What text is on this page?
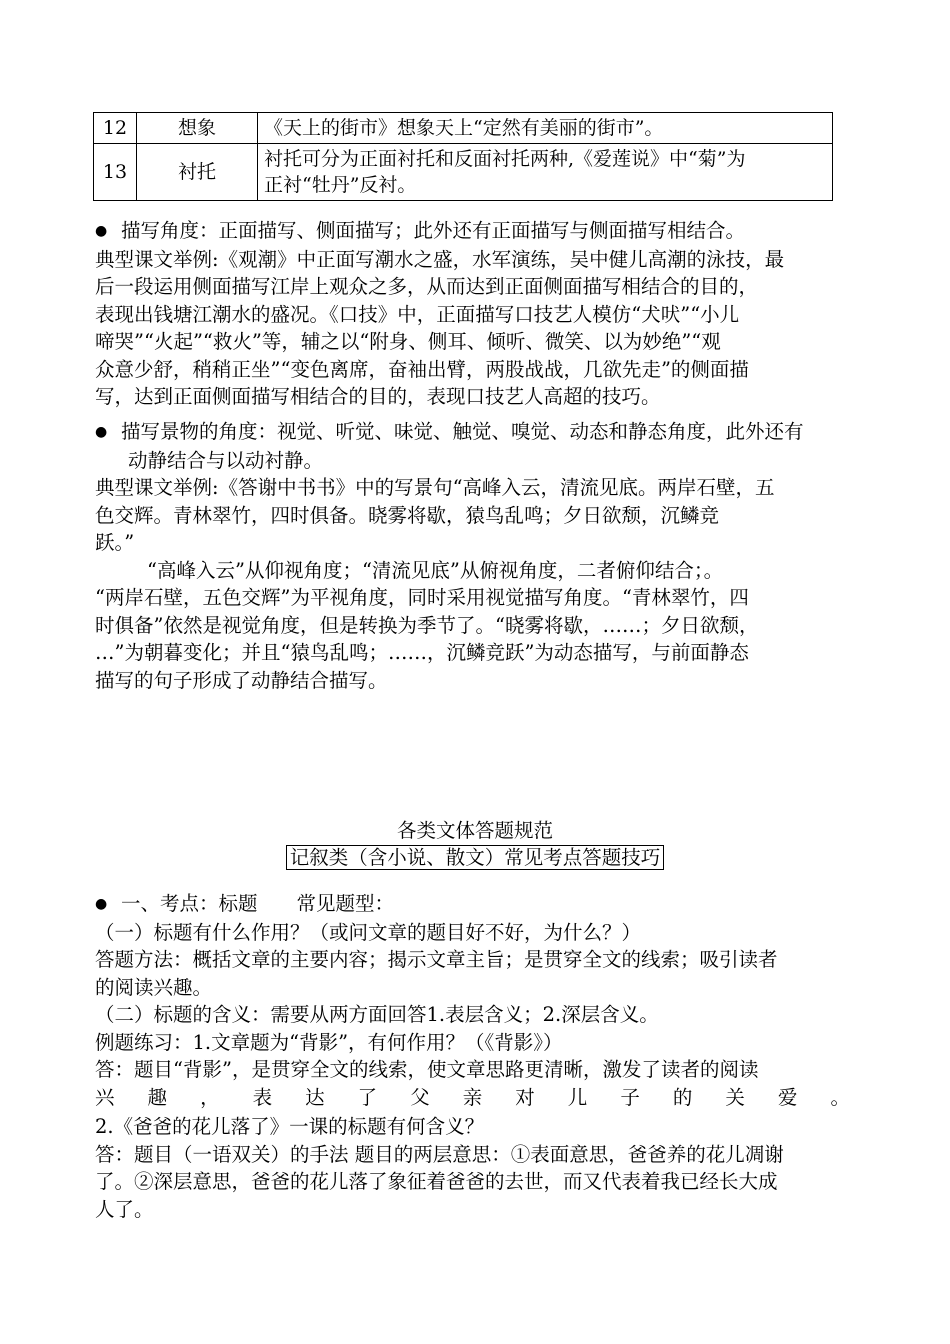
12	想象	《天上的街市》想象天上“定然有美丽的街市”。
13	衬托	衬托可分为正面衬托和反面衬托两种,《爱莲说》中“菊”为
正衬“牡丹”反衬。
● 描写角度：正面描写、侧面描写；此外还有正面描写与侧面描写相结合。
典型课文举例:《观潮》中正面写潮水之盛，水军演练，吴中健儿高潮的泳技，最
后一段运用侧面描写江岸上观众之多，从而达到正面侧面描写相结合的目的，
表现出钱塘江潮水的盛况。《口技》中，正面描写口技艺人模仿“犬吠”“小儿
啼哭”“火起”“救火”等，辅之以“附身、侧耳、倾听、微笑、以为妙绝”“观
众意少舒，稍稍正坐”“变色离席，奋袖出臂，两股战战，几欲先走”的侧面描
写，达到正面侧面描写相结合的目的，表现口技艺人高超的技巧。
● 描写景物的角度：视觉、听觉、味觉、触觉、嗅觉、动态和静态角度，此外还有
动静结合与以动衬静。
典型课文举例:《答谢中书书》中的写景句“高峰入云，清流见底。两岸石壁，五
色交辉。青林翠竹，四时俱备。晓雾将歇，猿鸟乱鸣；夕日欲颓，沉鳞竞
跃。”
“高峰入云”从仰视角度；“清流见底”从俯视角度，二者俯仰结合；。
“两岸石壁，五色交辉”为平视角度，同时采用视觉描写角度。“青林翠竹，四
时俱备”依然是视觉角度，但是转换为季节了。“晓雾将歇，……；夕日欲颓，
…”为朝暮变化；并且“猿鸟乱鸣；……，沉鳞竞跃”为动态描写，与前面静态
描写的句子形成了动静结合描写。
各类文体答题规范
记叙类（含小说、散文）常见考点答题技巧
● 一、考点：标题　　常见题型：
（一）标题有什么作用？（或问文章的题目好不好，为什么？）
答题方法：概括文章的主要内容；揭示文章主旨；是贯穿全文的线索；吸引读者
的阅读兴趣。
（二）标题的含义：需要从两方面回答1.表层含义；2.深层含义。
例题练习：1.文章题为“背影”，有何作用？（《背影》）
答：题目“背影”，是贯穿全文的线索，使文章思路更清晰，激发了读者的阅读
兴 趣 ， 表 达 了 父 亲 对 儿 子 的 关 爱 。
2.《爸爸的花儿落了》一课的标题有何含义？
答：题目（一语双关）的手法 题目的两层意思：①表面意思，爸爸养的花儿凋谢
了。②深层意思，爸爸的花儿落了象征着爸爸的去世，而又代表着我已经长大成
人了。
